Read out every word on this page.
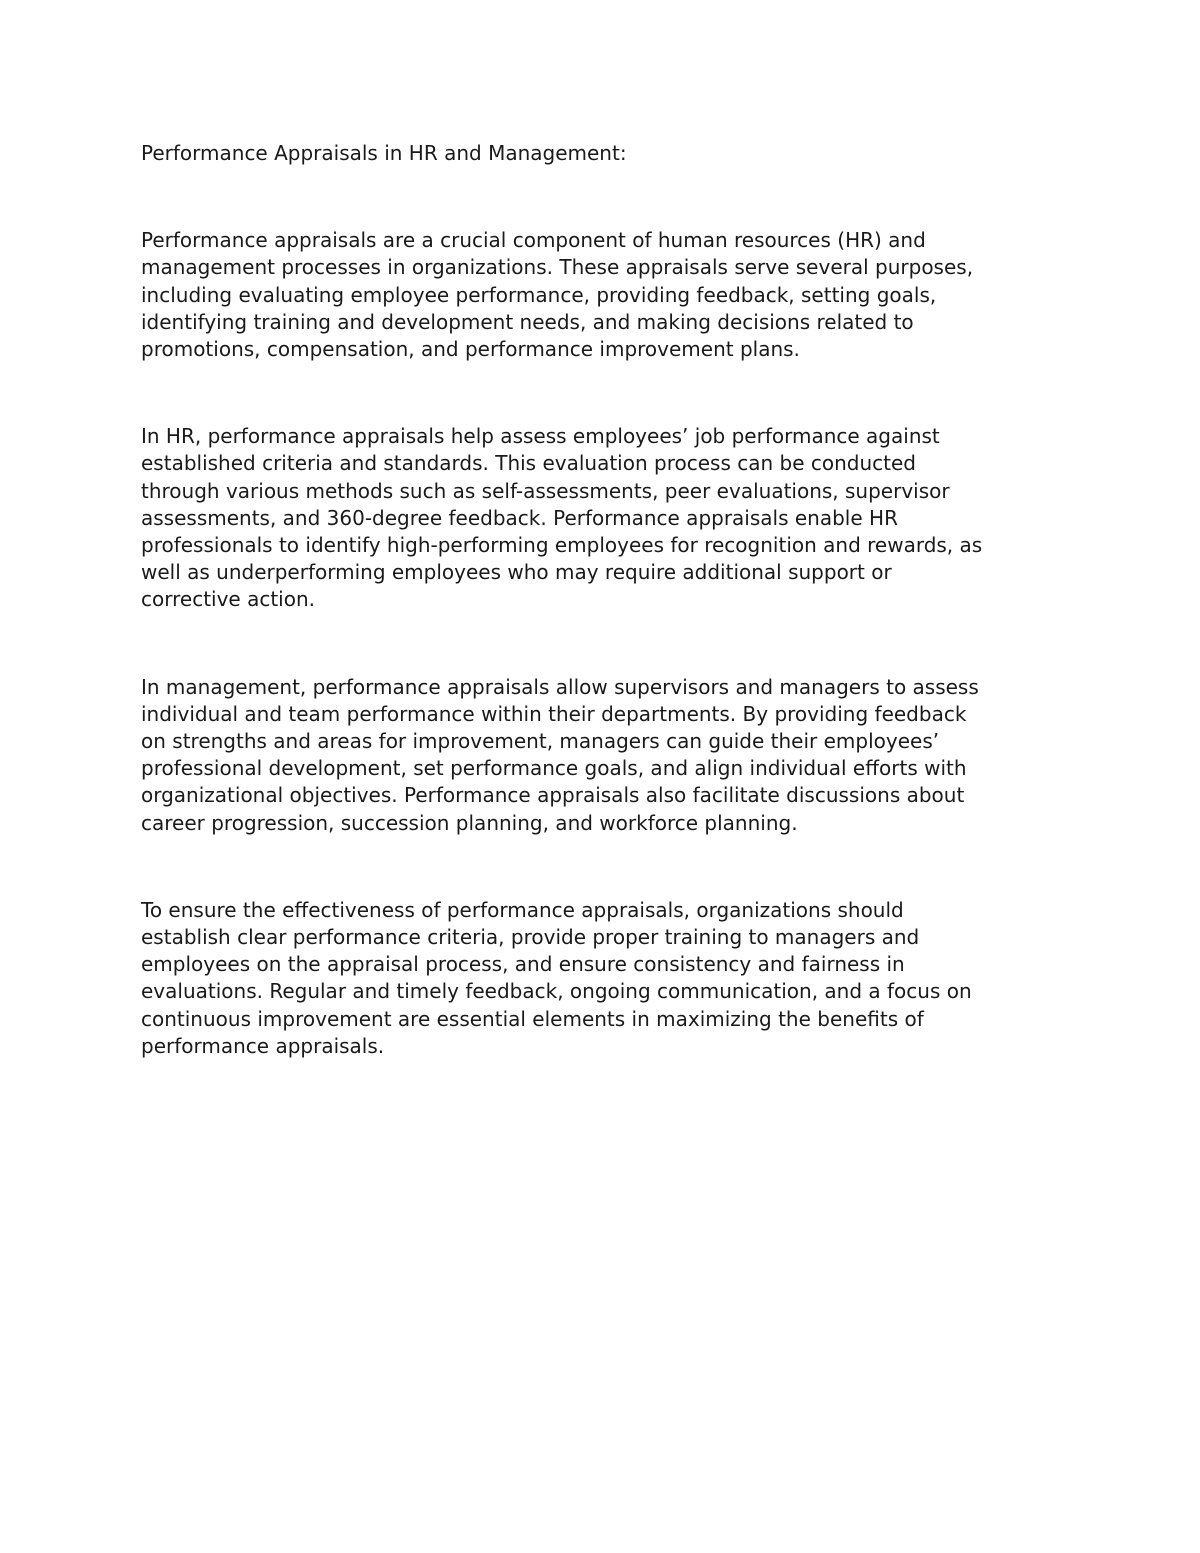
Performance Appraisals in HR and Management:

Performance appraisals are a crucial component of human resources (HR) and
management processes in organizations. These appraisals serve several purposes,
including evaluating employee performance, providing feedback, setting goals,
identifying training and development needs, and making decisions related to
promotions, compensation, and performance improvement plans.

In HR, performance appraisals help assess employees’ job performance against
established criteria and standards. This evaluation process can be conducted
through various methods such as self-assessments, peer evaluations, supervisor
assessments, and 360-degree feedback. Performance appraisals enable HR
professionals to identify high-performing employees for recognition and rewards, as
well as underperforming employees who may require additional support or
corrective action.

In management, performance appraisals allow supervisors and managers to assess
individual and team performance within their departments. By providing feedback
on strengths and areas for improvement, managers can guide their employees’
professional development, set performance goals, and align individual efforts with
organizational objectives. Performance appraisals also facilitate discussions about
career progression, succession planning, and workforce planning.

To ensure the effectiveness of performance appraisals, organizations should
establish clear performance criteria, provide proper training to managers and
employees on the appraisal process, and ensure consistency and fairness in
evaluations. Regular and timely feedback, ongoing communication, and a focus on
continuous improvement are essential elements in maximizing the benefits of
performance appraisals.
